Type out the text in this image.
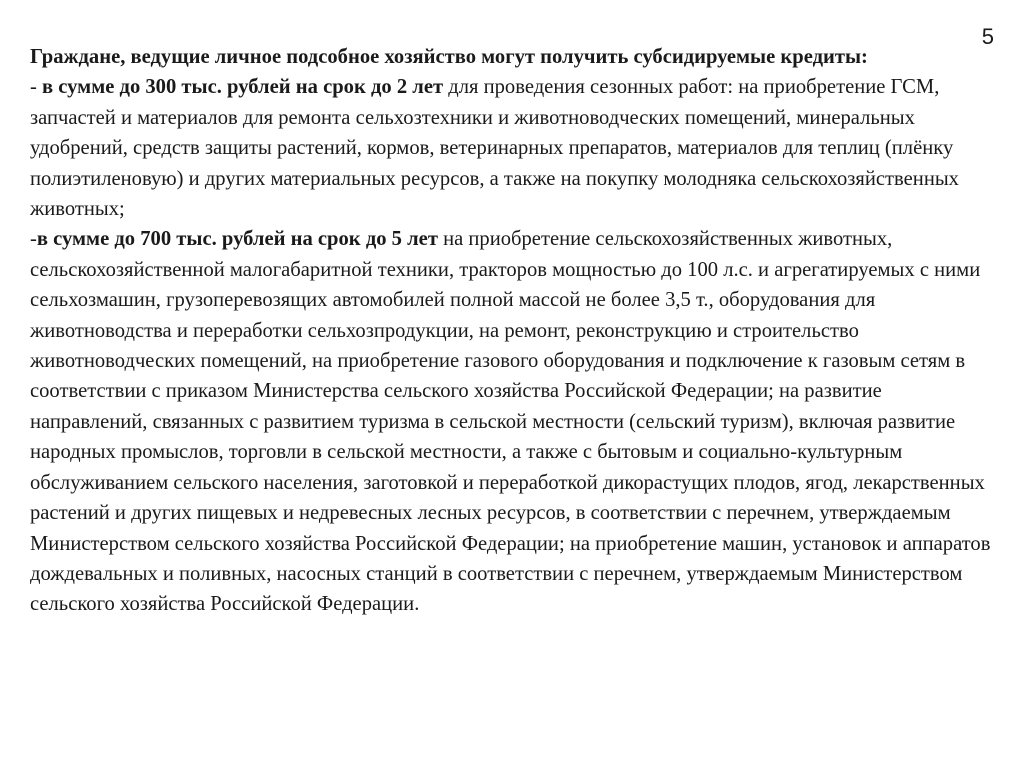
5

Граждане, ведущие личное подсобное хозяйство могут получить субсидируемые кредиты:

- в сумме до 300 тыс. рублей на срок до 2 лет для проведения сезонных работ: на приобретение ГСМ, запчастей и материалов для ремонта сельхозтехники и животноводческих помещений, минеральных удобрений, средств защиты растений, кормов, ветеринарных препаратов, материалов для теплиц (плёнку полиэтиленовую) и других материальных ресурсов, а также на покупку молодняка сельскохозяйственных животных;

-в сумме до 700 тыс. рублей на срок до 5 лет на приобретение сельскохозяйственных животных, сельскохозяйственной малогабаритной техники, тракторов мощностью до 100 л.с. и агрегатируемых с ними сельхозмашин, грузоперевозящих автомобилей полной массой не более 3,5 т., оборудования для животноводства и переработки сельхозпродукции, на ремонт, реконструкцию и строительство животноводческих помещений, на приобретение газового оборудования и подключение к газовым сетям в соответствии с приказом Министерства сельского хозяйства Российской Федерации; на развитие направлений, связанных с развитием туризма в сельской местности (сельский туризм), включая развитие народных промыслов, торговли в сельской местности, а также с бытовым и социально-культурным обслуживанием сельского населения, заготовкой и переработкой дикорастущих плодов, ягод, лекарственных растений и других пищевых и недревесных лесных ресурсов, в соответствии с перечнем, утверждаемым Министерством сельского хозяйства Российской Федерации; на приобретение машин, установок и аппаратов дождевальных и поливных, насосных станций в соответствии с перечнем, утверждаемым Министерством сельского хозяйства Российской Федерации.
